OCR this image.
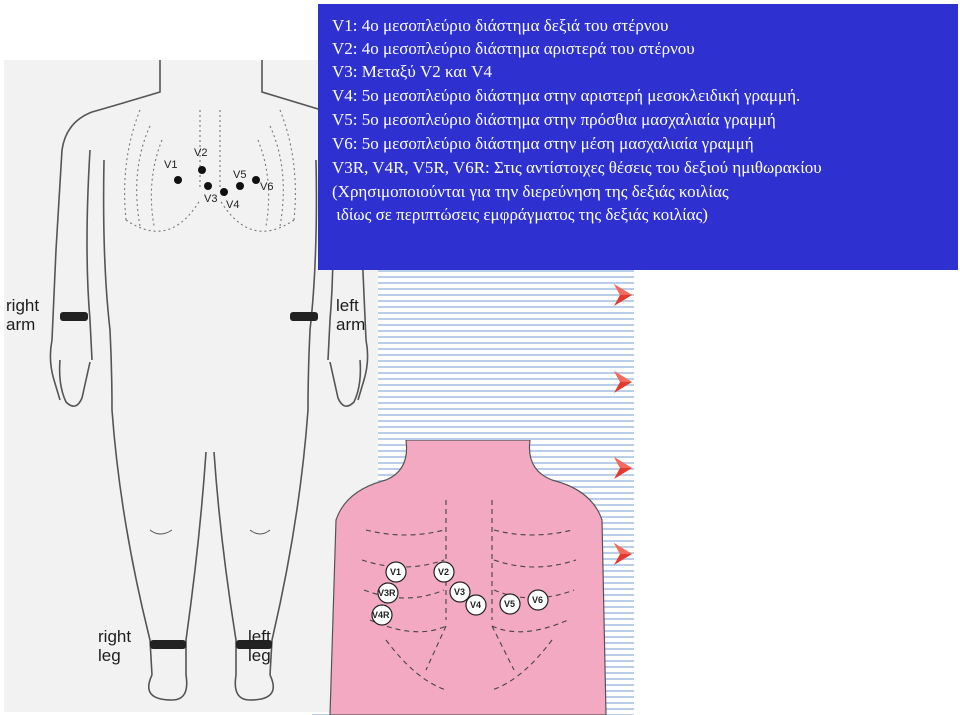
V1
V2
V3 V4
V5
V6
right
arm
left
arm
right
leg
left
leg
V1	V2
V3R	V3
V4R
V4	V5 V6
V1: 4ο μεσοπλεύριο διάστημα δεξιά του στέρνου
V2: 4ο μεσοπλεύριο διάστημα αριστερά του στέρνου
V3: Μεταξύ V2 και V4
V4: 5ο μεσοπλεύριο διάστημα στην αριστερή μεσοκλειδική γραμμή.
V5: 5ο μεσοπλεύριο διάστημα στην πρόσθια μασχαλιαία γραμμή
V6: 5ο μεσοπλεύριο διάστημα στην μέση μασχαλιαία γραμμή
V3R, V4R, V5R, V6R: Στις αντίστοιχες θέσεις του δεξιού ημιθωρακίου
(Χρησιμοποιούνται για την διερεύνηση της δεξιάς κοιλίας
ιδίως σε περιπτώσεις εμφράγματος της δεξιάς κοιλίας)
